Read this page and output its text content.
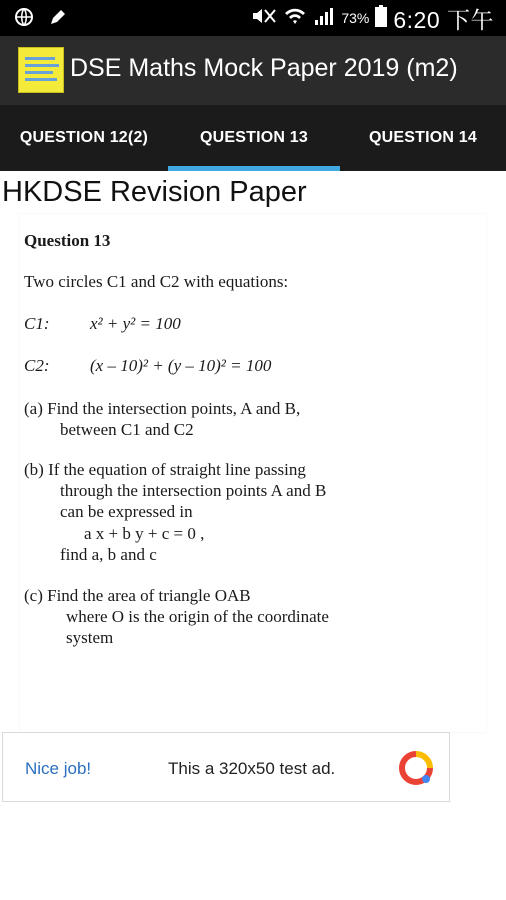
73% 6:20 下午
DSE Maths Mock Paper 2019 (m2)
QUESTION 12(2)	QUESTION 13	QUESTION 14
HKDSE Revision Paper
Question 13
Two circles C1 and C2 with equations:
C1: x² + y² = 100
C2: (x – 10)² + (y – 10)² = 100
(a) Find the intersection points, A and B,
between C1 and C2
(b) If the equation of straight line passing
through the intersection points A and B
can be expressed in
a x + b y + c = 0 ,
find a, b and c
(c) Find the area of triangle OAB
where O is the origin of the coordinate
system
Nice job!	This a 320x50 test ad.
